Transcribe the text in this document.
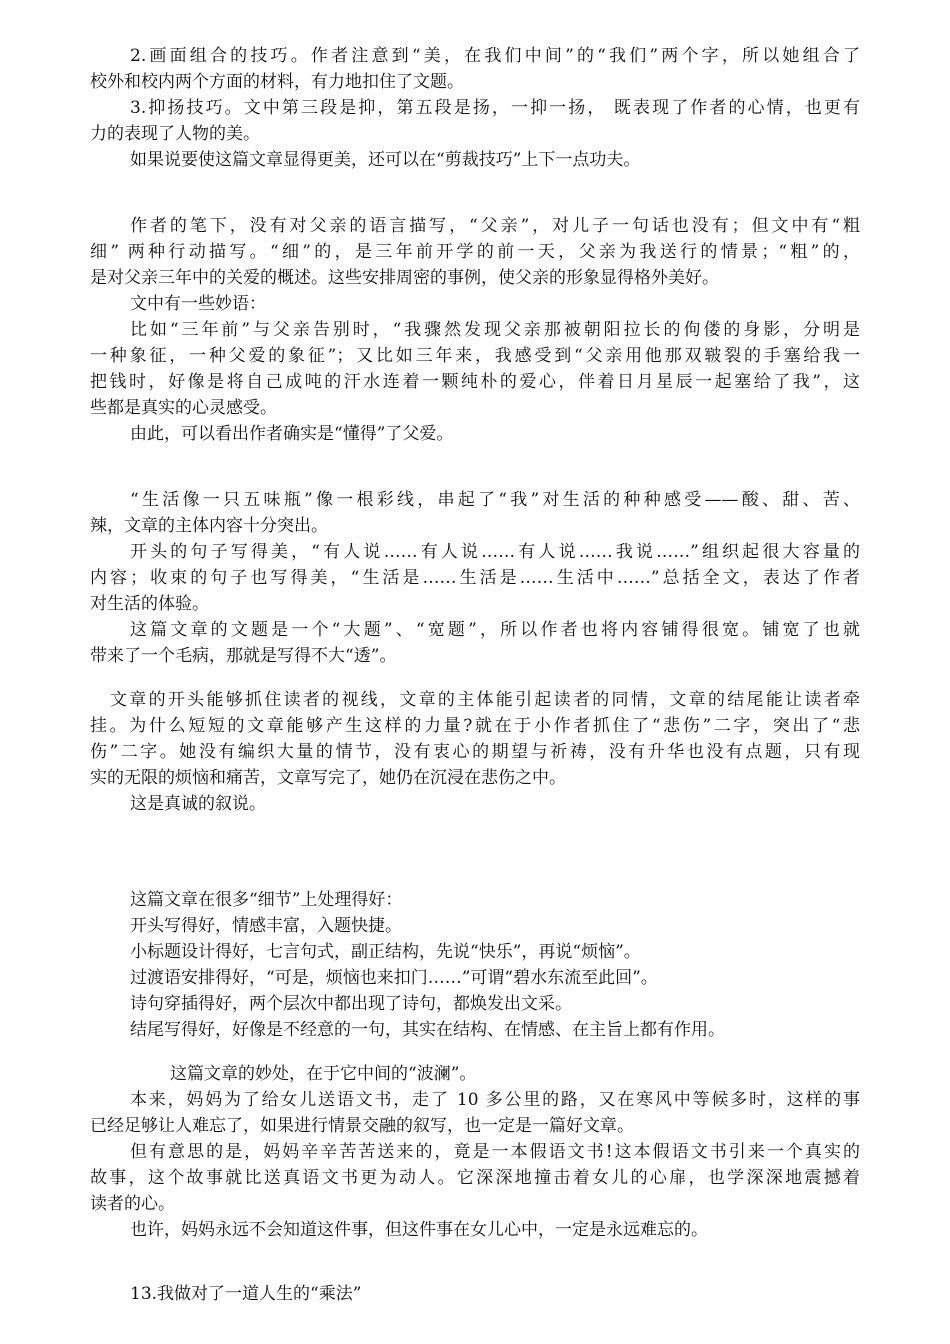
2.画面组合的技巧。作者注意到“美，在我们中间”的“我们”两个字，所以她组合了
校外和校内两个方面的材料，有力地扣住了文题。
3.抑扬技巧。文中第三段是抑，第五段是扬，一抑一扬， 既表现了作者的心情，也更有
力的表现了人物的美。
如果说要使这篇文章显得更美，还可以在“剪裁技巧”上下一点功夫。
作者的笔下，没有对父亲的语言描写，“父亲”，对儿子一句话也没有；但文中有“粗
细” 两种行动描写。“细”的，是三年前开学的前一天，父亲为我送行的情景；“粗”的，
是对父亲三年中的关爱的概述。这些安排周密的事例，使父亲的形象显得格外美好。
文中有一些妙语：
比如“三年前”与父亲告别时，“我骤然发现父亲那被朝阳拉长的佝偻的身影，分明是
一种象征，一种父爱的象征”；又比如三年来，我感受到“父亲用他那双皲裂的手塞给我一
把钱时，好像是将自己成吨的汗水连着一颗纯朴的爱心，伴着日月星辰一起塞给了我”，这
些都是真实的心灵感受。
由此，可以看出作者确实是“懂得”了父爱。
“生活像一只五味瓶”像一根彩线，串起了“我”对生活的种种感受——酸、甜、苦、
辣，文章的主体内容十分突出。
开头的句子写得美，“有人说……有人说……有人说……我说……”组织起很大容量的
内容；收束的句子也写得美，“生活是……生活是……生活中……”总括全文，表达了作者
对生活的体验。
这篇文章的文题是一个“大题”、“宽题”，所以作者也将内容铺得很宽。铺宽了也就
带来了一个毛病，那就是写得不大“透”。
文章的开头能够抓住读者的视线，文章的主体能引起读者的同情，文章的结尾能让读者牵
挂。为什么短短的文章能够产生这样的力量?就在于小作者抓住了“悲伤”二字，突出了“悲
伤”二字。她没有编织大量的情节，没有衷心的期望与祈祷，没有升华也没有点题，只有现
实的无限的烦恼和痛苦，文章写完了，她仍在沉浸在悲伤之中。
这是真诚的叙说。
这篇文章在很多“细节”上处理得好：
开头写得好，情感丰富，入题快捷。
小标题设计得好，七言句式，副正结构，先说“快乐”，再说“烦恼”。
过渡语安排得好，“可是，烦恼也来扣门……”可谓“碧水东流至此回”。
诗句穿插得好，两个层次中都出现了诗句，都焕发出文采。
结尾写得好，好像是不经意的一句，其实在结构、在情感、在主旨上都有作用。
这篇文章的妙处，在于它中间的“波澜”。
本来，妈妈为了给女儿送语文书，走了 10 多公里的路，又在寒风中等候多时，这样的事
已经足够让人难忘了，如果进行情景交融的叙写，也一定是一篇好文章。
但有意思的是，妈妈辛辛苦苦送来的，竟是一本假语文书!这本假语文书引来一个真实的
故事，这个故事就比送真语文书更为动人。它深深地撞击着女儿的心扉，也学深深地震撼着
读者的心。
也许，妈妈永远不会知道这件事，但这件事在女儿心中，一定是永远难忘的。
13.我做对了一道人生的“乘法”
